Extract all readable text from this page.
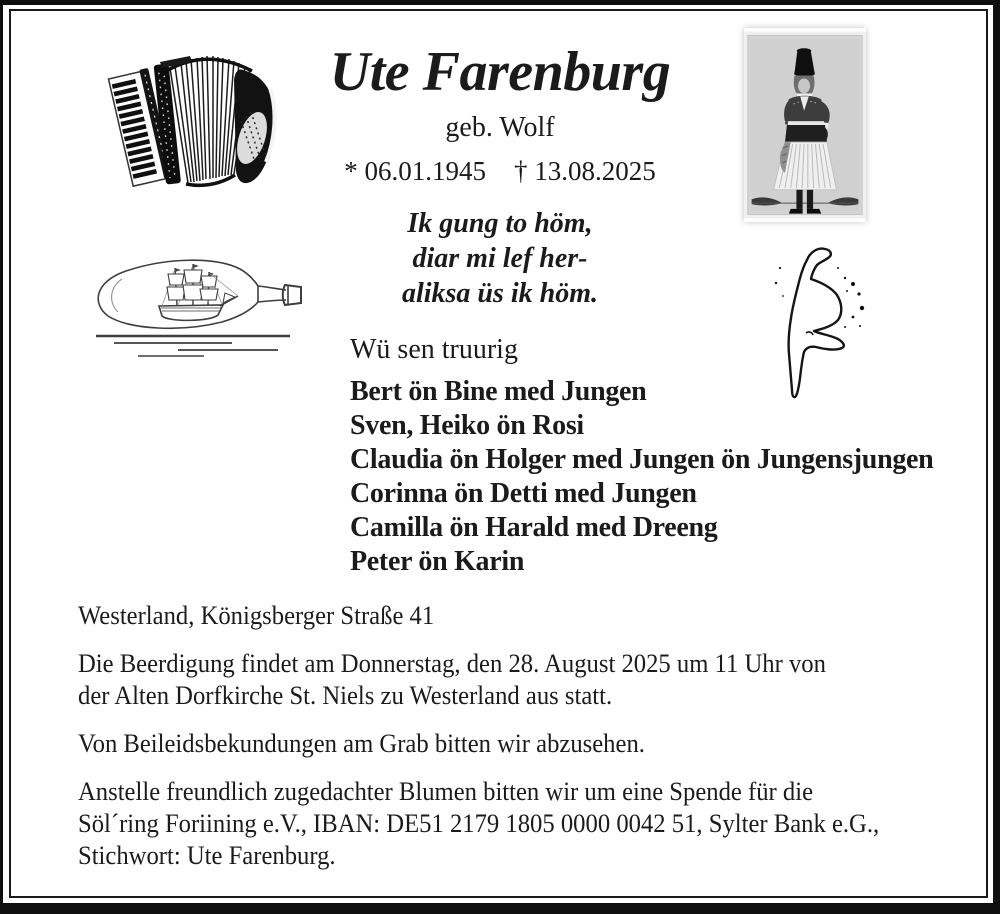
Ute Farenburg
geb. Wolf
* 06.01.1945 † 13.08.2025
Ik gung to höm,
diar mi lef her-
aliksa üs ik höm.
Wü sen truurig
Bert ön Bine med Jungen
Sven, Heiko ön Rosi
Claudia ön Holger med Jungen ön Jungensjungen
Corinna ön Detti med Jungen
Camilla ön Harald med Dreeng
Peter ön Karin
Westerland, Königsberger Straße 41
Die Beerdigung findet am Donnerstag, den 28. August 2025 um 11 Uhr von
der Alten Dorfkirche St. Niels zu Westerland aus statt.
Von Beileidsbekundungen am Grab bitten wir abzusehen.
Anstelle freundlich zugedachter Blumen bitten wir um eine Spende für die
Söl´ring Foriining e.V., IBAN: DE51 2179 1805 0000 0042 51, Sylter Bank e.G.,
Stichwort: Ute Farenburg.
